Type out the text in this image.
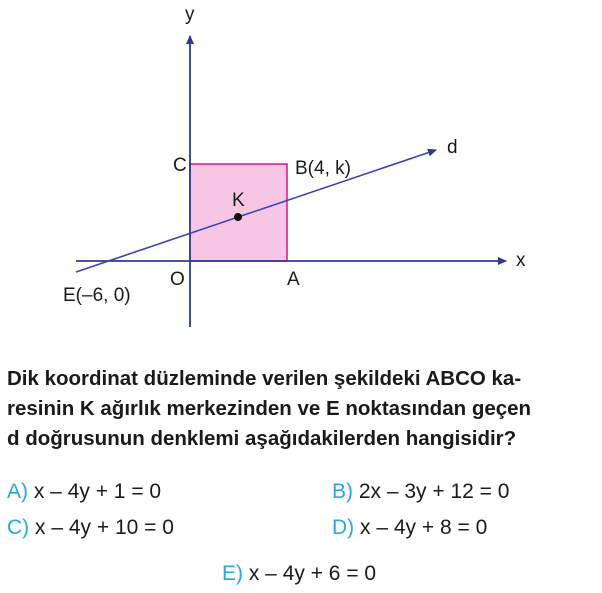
y
x
d
C	B(4, k)
K
O	A
E(–6, 0)
Dik koordinat düzleminde verilen şekildeki ABCO ka-
resinin K ağırlık merkezinden ve E noktasından geçen
d doğrusunun denklemi aşağıdakilerden hangisidir?
A) x – 4y + 1 = 0	B) 2x – 3y + 12 = 0
C) x – 4y + 10 = 0	D) x – 4y + 8 = 0
E) x – 4y + 6 = 0
